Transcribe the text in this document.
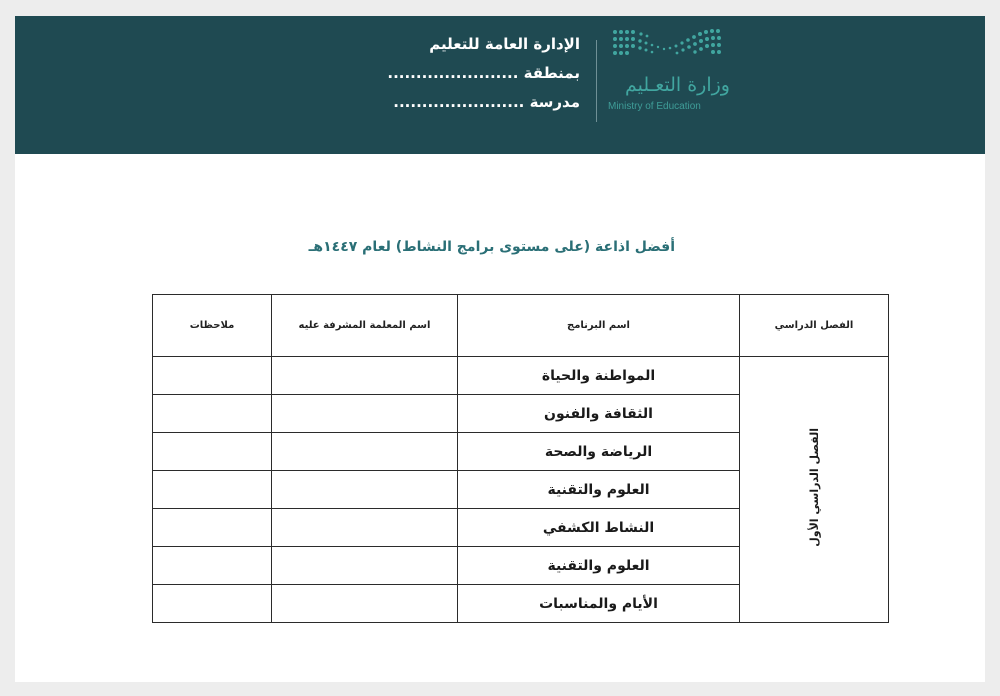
الإدارة العامة للتعليم
بمنطقة .......................
مدرسة .......................
وزارة التعـليم
Ministry of Education
أفضل اذاعة (على مستوى برامج النشاط) لعام ١٤٤٧هـ
الفصل الدراسي	اسم البرنامج	اسم المعلمة المشرفة عليه	ملاحظات
الفصل الدراسي الأول	المواطنة والحياة		
	الثقافة والفنون		
	الرياضة والصحة		
	العلوم والتقنية		
	النشاط الكشفي		
	العلوم والتقنية		
	الأيام والمناسبات		
